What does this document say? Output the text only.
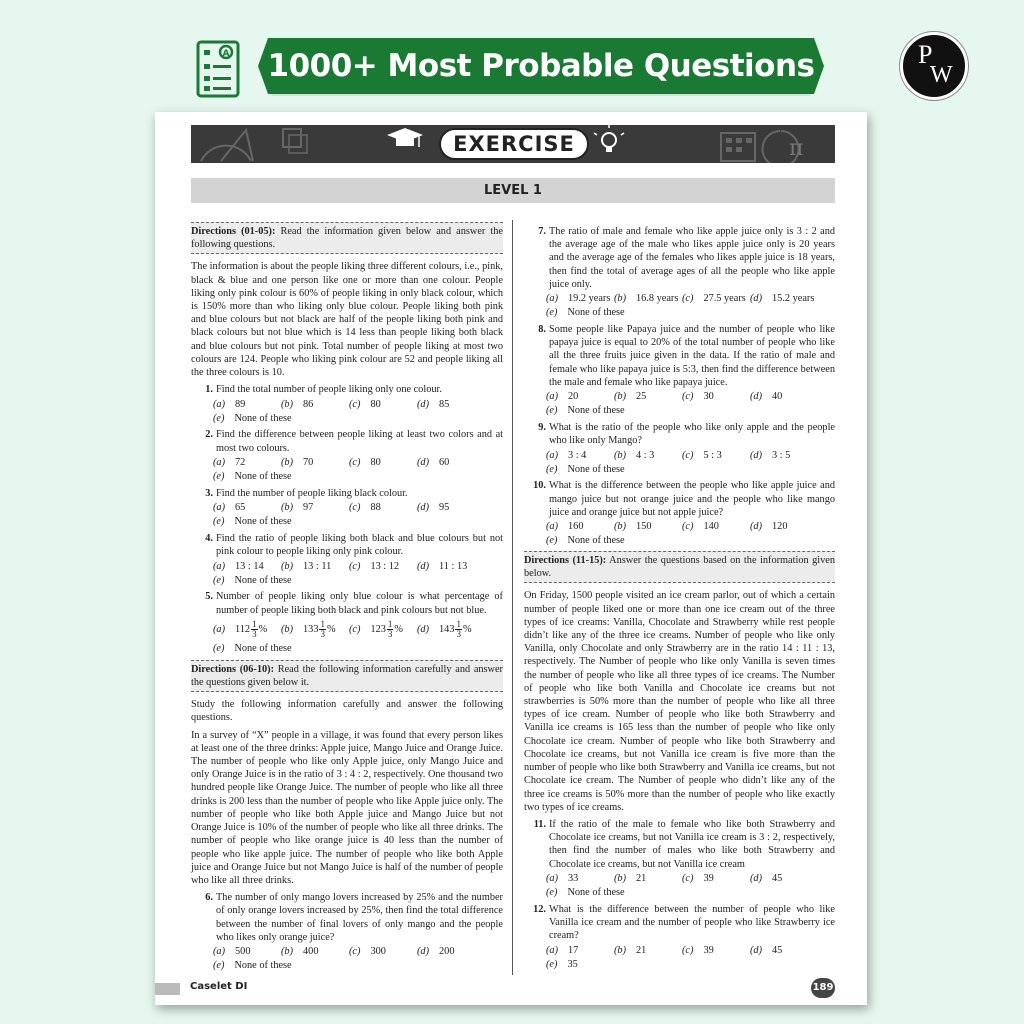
A	1000+ Most Probable Questions	P
W
π
EXERCISE
LEVEL 1
Directions (01-05): Read the information given below and answer the following questions.

The information is about the people liking three different colours, i.e., pink, black & blue and one person like one or more than one colour. People liking only pink colour is 60% of people liking in only black colour, which is 150% more than who liking only blue colour. People liking both pink and blue colours but not black are half of the people liking both pink and black colours but not blue which is 14 less than people liking both black and blue colours but not pink. Total number of people liking at most two colours are 124. People who liking pink colour are 52 and people liking all the three colours is 10.

1. Find the total number of people liking only one colour.
(a) 89	(b) 86	(c) 80	(d) 85
(e) None of these
2. Find the difference between people liking at least two colors and at most two colours.
(a) 72	(b) 70	(c) 80	(d) 60
(e) None of these
3. Find the number of people liking black colour.
(a) 65	(b) 97	(c) 88	(d) 95
(e) None of these
4. Find the ratio of people liking both black and blue colours but not pink colour to people liking only pink colour.
(a) 13 : 14	(b) 13 : 11	(c) 13 : 12	(d) 11 : 13
(e) None of these
5. Number of people liking only blue colour is what percentage of number of people liking both black and pink colours but not blue.
(a) $112 \frac{1}{3}$ %	(b) $133 \frac{1}{3}$ %	(c) $123 \frac{1}{3}$ %	(d) $143 \frac{1}{3}$ %
(e) None of these
Directions (06-10): Read the following information carefully and answer the questions given below it.

Study the following information carefully and answer the following questions.

In a survey of “X” people in a village, it was found that every person likes at least one of the three drinks: Apple juice, Mango Juice and Orange Juice. The number of people who like only Apple juice, only Mango Juice and only Orange Juice is in the ratio of 3 : 4 : 2, respectively. One thousand two hundred people like Orange Juice. The number of people who like all three drinks is 200 less than the number of people who like Apple juice only. The number of people who like both Apple juice and Mango Juice but not Orange Juice is 10% of the number of people who like all three drinks. The number of people who like orange juice is 40 less than the number of people who like apple juice. The number of people who like both Apple juice and Orange Juice but not Mango Juice is half of the number of people who like all three drinks.

6. The number of only mango lovers increased by 25% and the number of only orange lovers increased by 25%, then find the total difference between the number of final lovers of only mango and the people who likes only orange juice?
(a) 500	(b) 400	(c) 300	(d) 200
(e) None of these
7. The ratio of male and female who like apple juice only is 3 : 2 and the average age of the male who likes apple juice only is 20 years and the average age of the females who likes apple juice is 18 years, then find the total of average ages of all the people who like apple juice only.
(a) 19.2 years (b) 16.8 years (c) 27.5 years (d) 15.2 years
(e) None of these
8. Some people like Papaya juice and the number of people who like papaya juice is equal to 20% of the total number of people who like all the three fruits juice given in the data. If the ratio of male and female who like papaya juice is 5:3, then find the difference between the male and female who like papaya juice.
(a) 20	(b) 25	(c) 30	(d) 40
(e) None of these
9. What is the ratio of the people who like only apple and the people who like only Mango?
(a) 3 : 4	(b) 4 : 3	(c) 5 : 3	(d) 3 : 5
(e) None of these
10. What is the difference between the people who like apple juice and mango juice but not orange juice and the people who like mango juice and orange juice but not apple juice?
(a) 160	(b) 150	(c) 140	(d) 120
(e) None of these
Directions (11-15): Answer the questions based on the information given below.

On Friday, 1500 people visited an ice cream parlor, out of which a certain number of people liked one or more than one ice cream out of the three types of ice creams: Vanilla, Chocolate and Strawberry while rest people didn’t like any of the three ice creams. Number of people who like only Vanilla, only Chocolate and only Strawberry are in the ratio 14 : 11 : 13, respectively. The Number of people who like only Vanilla is seven times the number of people who like all three types of ice creams. The Number of people who like both Vanilla and Chocolate ice creams but not strawberries is 50% more than the number of people who like all three types of ice cream. Number of people who like both Strawberry and Vanilla ice creams is 165 less than the number of people who like only Chocolate ice cream. Number of people who like both Strawberry and Chocolate ice creams, but not Vanilla ice cream is five more than the number of people who like both Strawberry and Vanilla ice creams, but not Chocolate ice cream. The Number of people who didn’t like any of the three ice creams is 50% more than the number of people who like exactly two types of ice creams.

11. If the ratio of the male to female who like both Strawberry and Chocolate ice creams, but not Vanilla ice cream is 3 : 2, respectively, then find the number of males who like both Strawberry and Chocolate ice creams, but not Vanilla ice cream
(a) 33	(b) 21	(c) 39	(d) 45
(e) None of these
12. What is the difference between the number of people who like Vanilla ice cream and the number of people who like Strawberry ice cream?
(a) 17	(b) 21	(c) 39	(d) 45
(e) 35
Caselet DI	189
